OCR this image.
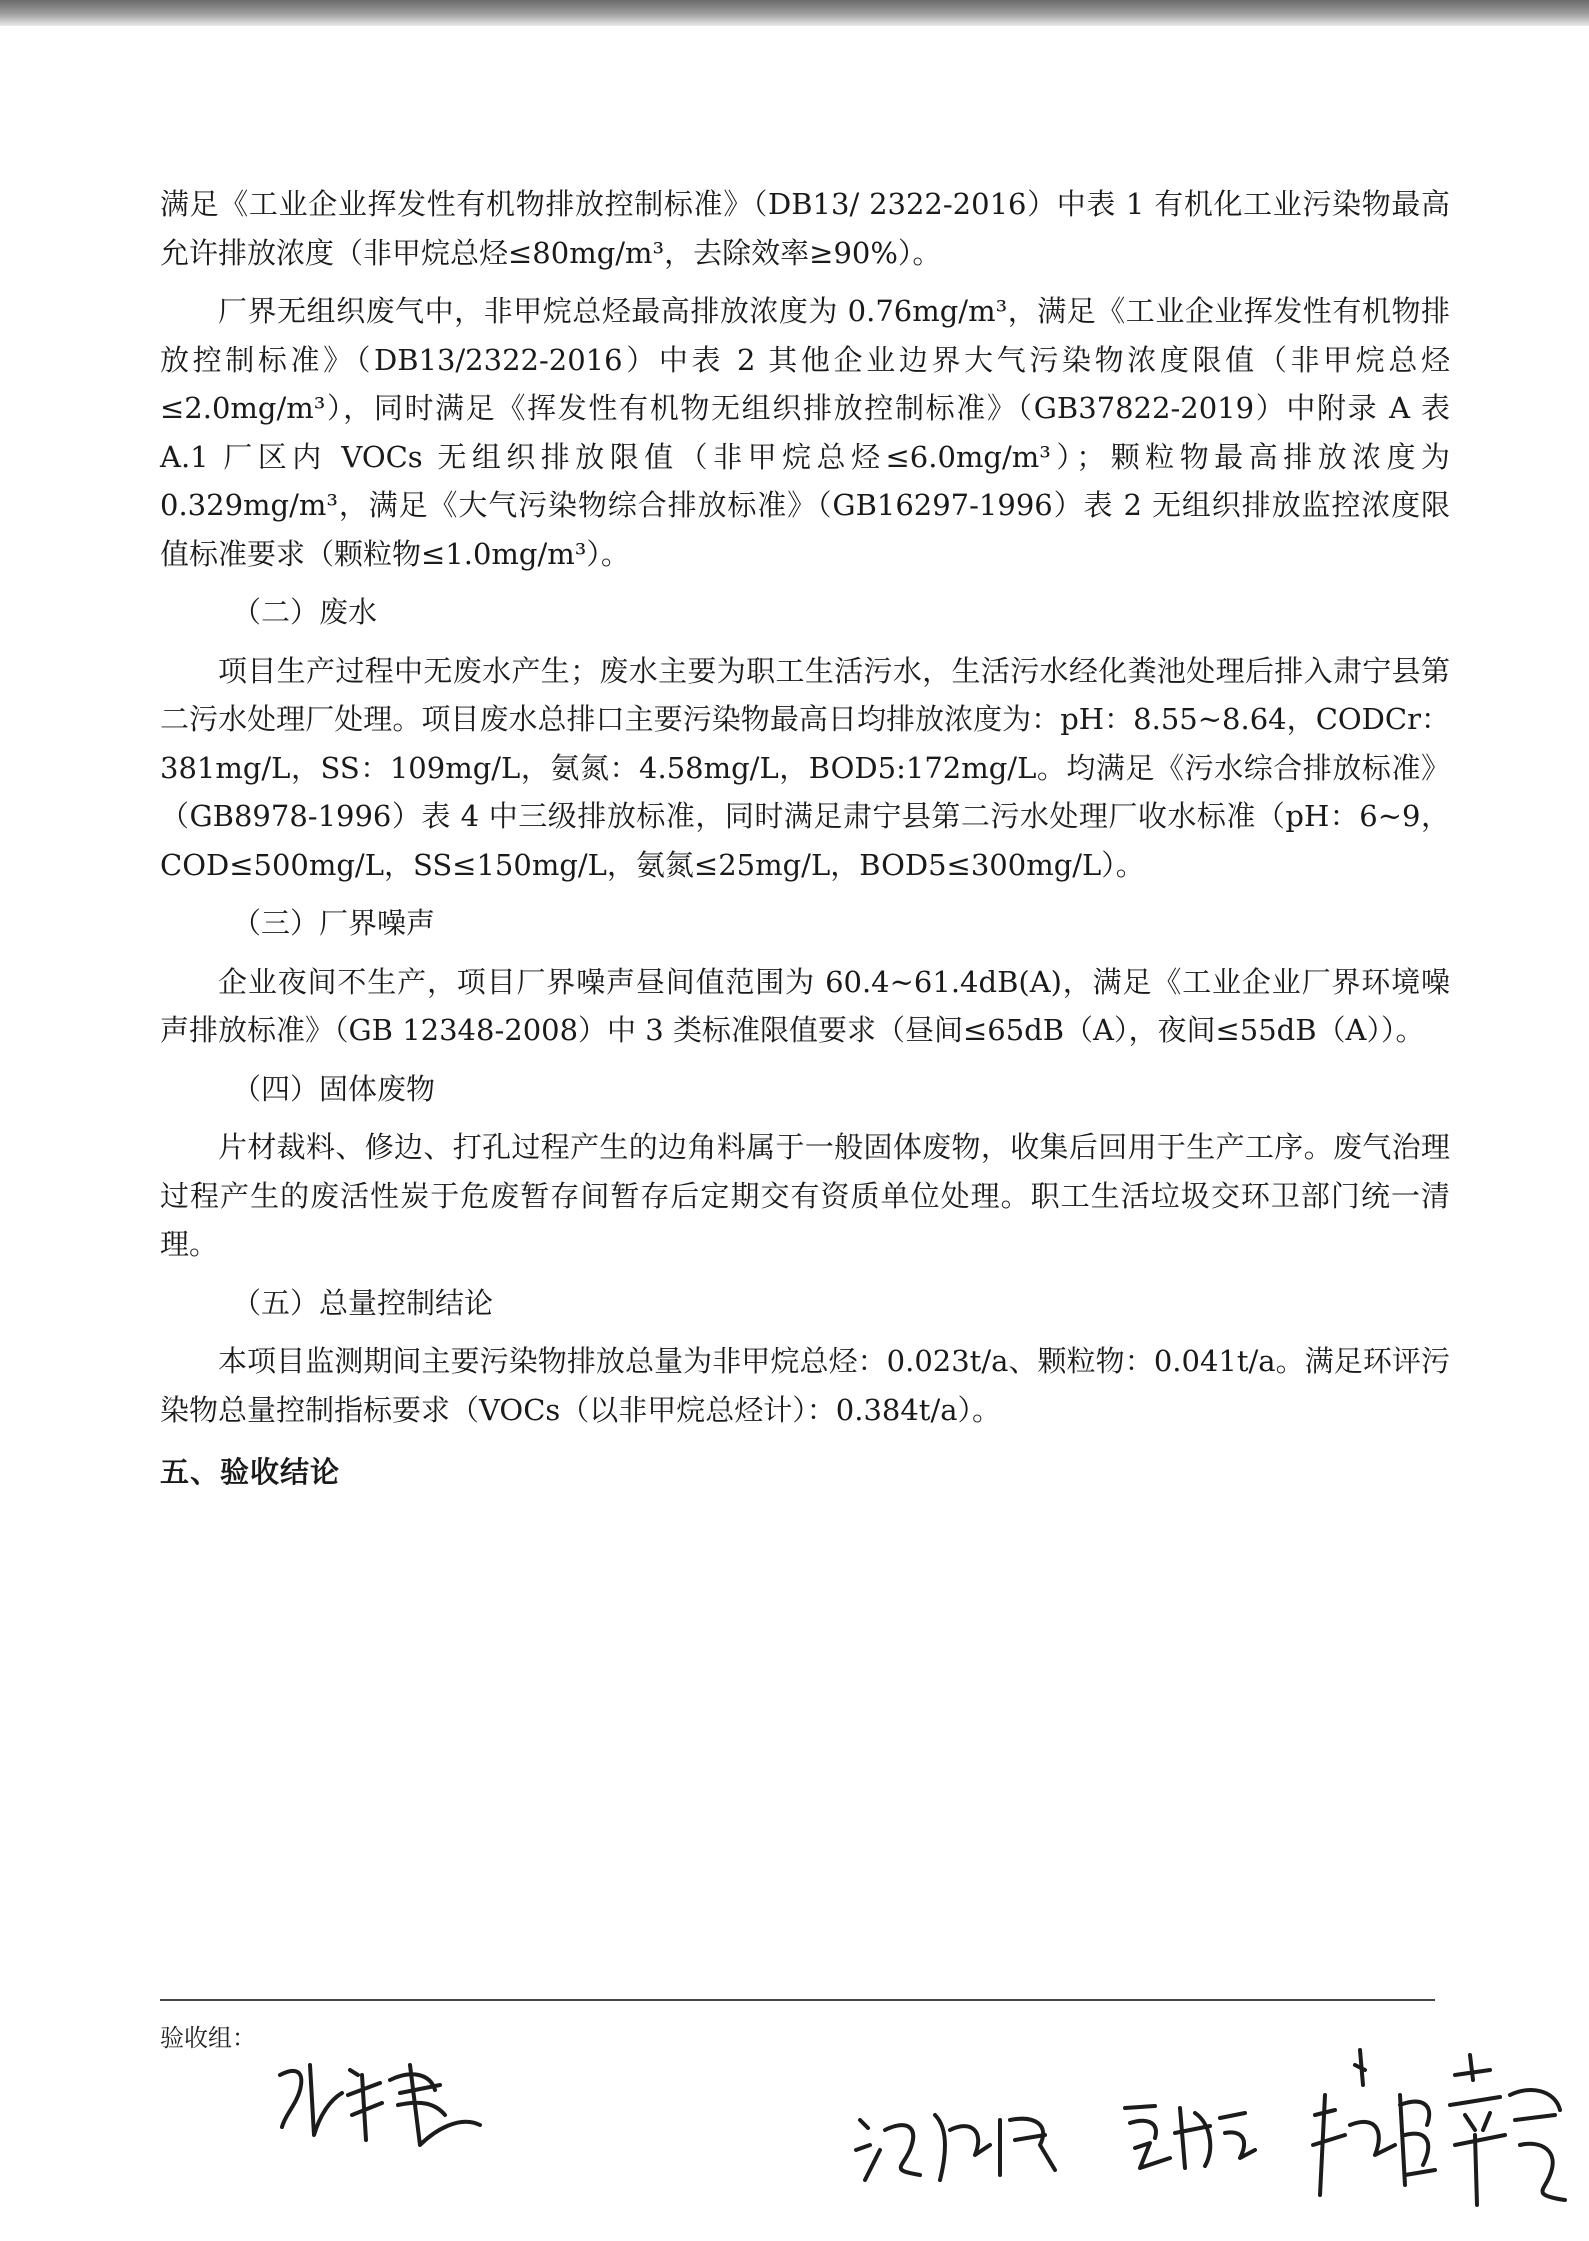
满足《工业企业挥发性有机物排放控制标准》（DB13/ 2322-2016）中表 1 有机化工业污染物最高允许排放浓度（非甲烷总烃≤80mg/m³，去除效率≥90%）。

厂界无组织废气中，非甲烷总烃最高排放浓度为 0.76mg/m³，满足《工业企业挥发性有机物排放控制标准》（DB13/2322-2016）中表 2 其他企业边界大气污染物浓度限值（非甲烷总烃≤2.0mg/m³），同时满足《挥发性有机物无组织排放控制标准》（GB37822-2019）中附录 A 表 A.1 厂区内 VOCs 无组织排放限值（非甲烷总烃≤6.0mg/m³）；颗粒物最高排放浓度为 0.329mg/m³，满足《大气污染物综合排放标准》（GB16297-1996）表 2 无组织排放监控浓度限值标准要求（颗粒物≤1.0mg/m³）。

（二）废水

项目生产过程中无废水产生；废水主要为职工生活污水，生活污水经化粪池处理后排入肃宁县第二污水处理厂处理。项目废水总排口主要污染物最高日均排放浓度为：pH：8.55~8.64，CODCr：381mg/L，SS：109mg/L，氨氮：4.58mg/L，BOD5:172mg/L。均满足《污水综合排放标准》（GB8978-1996）表 4 中三级排放标准，同时满足肃宁县第二污水处理厂收水标准（pH：6~9，COD≤500mg/L，SS≤150mg/L，氨氮≤25mg/L，BOD5≤300mg/L）。

（三）厂界噪声

企业夜间不生产，项目厂界噪声昼间值范围为 60.4~61.4dB(A)，满足《工业企业厂界环境噪声排放标准》（GB 12348-2008）中 3 类标准限值要求（昼间≤65dB（A），夜间≤55dB（A））。

（四）固体废物

片材裁料、修边、打孔过程产生的边角料属于一般固体废物，收集后回用于生产工序。废气治理过程产生的废活性炭于危废暂存间暂存后定期交有资质单位处理。职工生活垃圾交环卫部门统一清理。

（五）总量控制结论

本项目监测期间主要污染物排放总量为非甲烷总烃：0.023t/a、颗粒物：0.041t/a。满足环评污染物总量控制指标要求（VOCs（以非甲烷总烃计）：0.384t/a）。

五、验收结论

验收组：
